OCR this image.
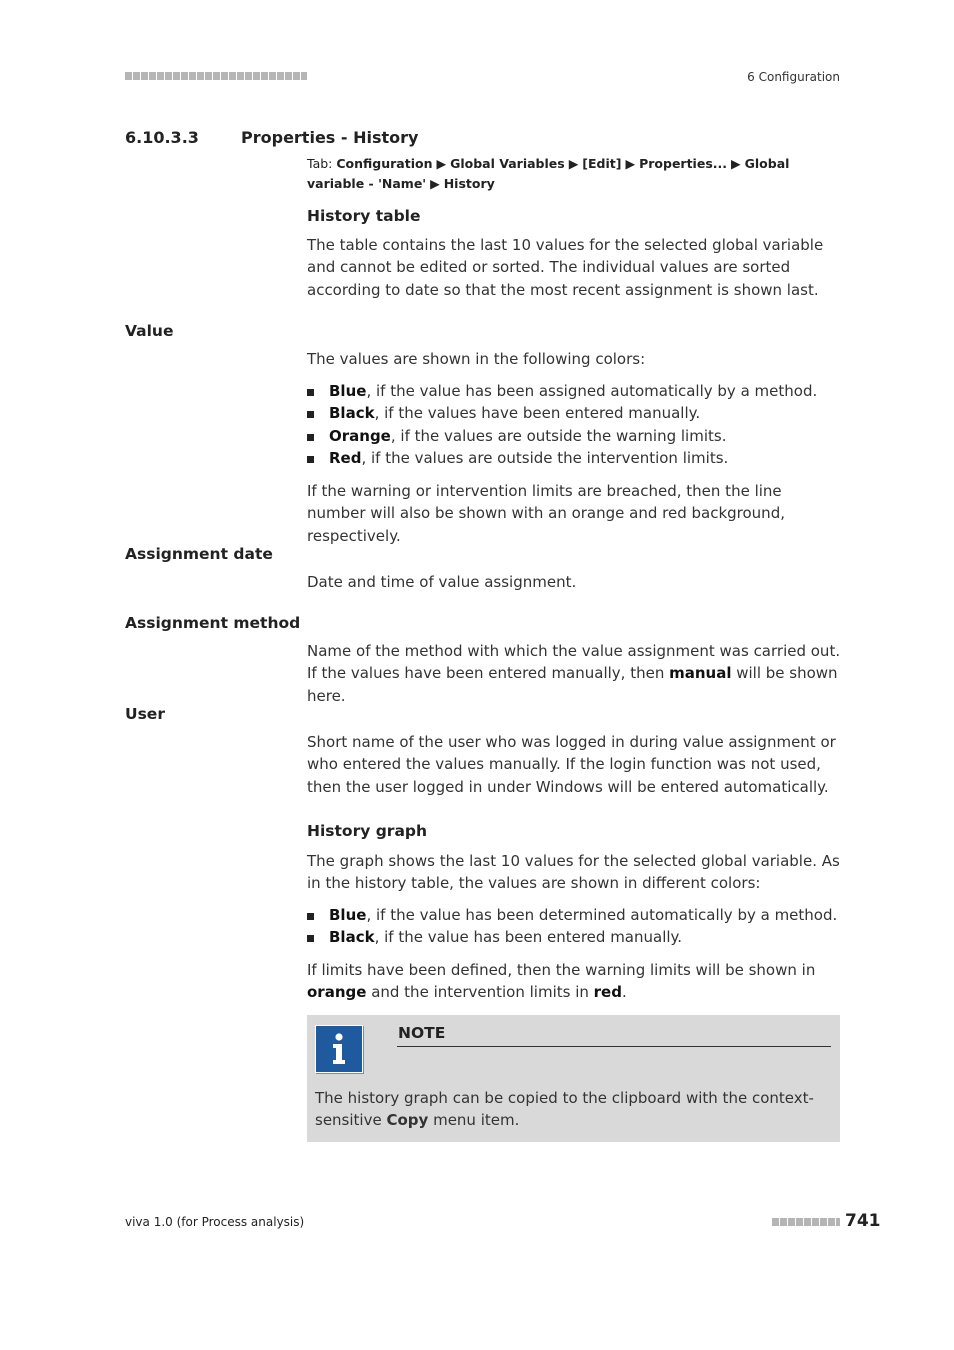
6 Configuration
6.10.3.3	Properties - History
Tab: Configuration ▶ Global Variables ▶ [Edit] ▶ Properties... ▶ Global variable - 'Name' ▶ History
History table
The table contains the last 10 values for the selected global variable and cannot be edited or sorted. The individual values are sorted according to date so that the most recent assignment is shown last.
Value
The values are shown in the following colors:
Blue, if the value has been assigned automatically by a method.
Black, if the values have been entered manually.
Orange, if the values are outside the warning limits.
Red, if the values are outside the intervention limits.
If the warning or intervention limits are breached, then the line number will also be shown with an orange and red background, respectively.
Assignment date
Date and time of value assignment.
Assignment method
Name of the method with which the value assignment was carried out. If the values have been entered manually, then manual will be shown here.
User
Short name of the user who was logged in during value assignment or who entered the values manually. If the login function was not used, then the user logged in under Windows will be entered automatically.
History graph
The graph shows the last 10 values for the selected global variable. As in the history table, the values are shown in different colors:
Blue, if the value has been determined automatically by a method.
Black, if the value has been entered manually.
If limits have been defined, then the warning limits will be shown in orange and the intervention limits in red.
NOTE
The history graph can be copied to the clipboard with the context-sensitive Copy menu item.
viva 1.0 (for Process analysis)	741
